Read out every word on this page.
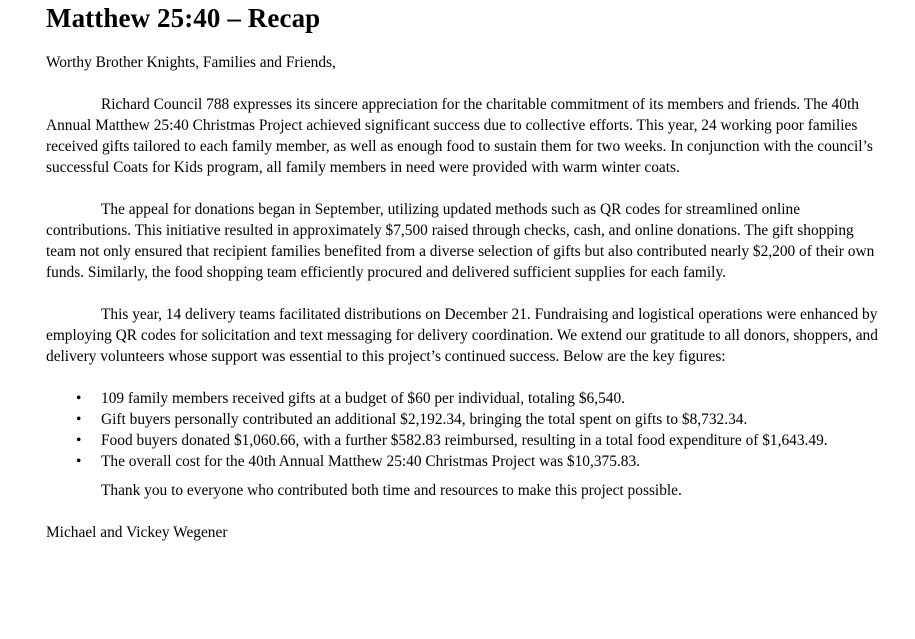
Matthew 25:40 – Recap

Worthy Brother Knights, Families and Friends,

Richard Council 788 expresses its sincere appreciation for the charitable commitment of its members and friends. The 40th Annual Matthew 25:40 Christmas Project achieved significant success due to collective efforts. This year, 24 working poor families received gifts tailored to each family member, as well as enough food to sustain them for two weeks. In conjunction with the council’s successful Coats for Kids program, all family members in need were provided with warm winter coats.

The appeal for donations began in September, utilizing updated methods such as QR codes for streamlined online contributions. This initiative resulted in approximately $7,500 raised through checks, cash, and online donations. The gift shopping team not only ensured that recipient families benefited from a diverse selection of gifts but also contributed nearly $2,200 of their own funds. Similarly, the food shopping team efficiently procured and delivered sufficient supplies for each family.

This year, 14 delivery teams facilitated distributions on December 21. Fundraising and logistical operations were enhanced by employing QR codes for solicitation and text messaging for delivery coordination. We extend our gratitude to all donors, shoppers, and delivery volunteers whose support was essential to this project’s continued success. Below are the key figures:

• 109 family members received gifts at a budget of $60 per individual, totaling $6,540.
• Gift buyers personally contributed an additional $2,192.34, bringing the total spent on gifts to $8,732.34.
• Food buyers donated $1,060.66, with a further $582.83 reimbursed, resulting in a total food expenditure of $1,643.49.
• The overall cost for the 40th Annual Matthew 25:40 Christmas Project was $10,375.83.

Thank you to everyone who contributed both time and resources to make this project possible.

Michael and Vickey Wegener
